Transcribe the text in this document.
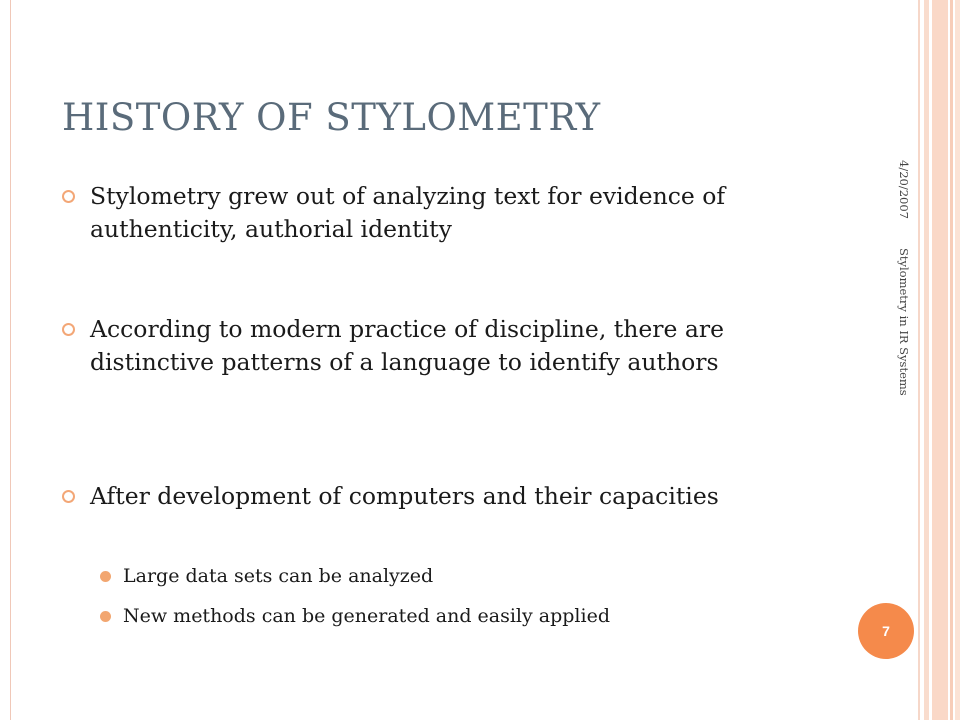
HISTORY OF STYLOMETRY
Stylometry grew out of analyzing text for evidence of authenticity, authorial identity
According to modern practice of discipline, there are distinctive patterns of a language to identify authors
After development of computers and their capacities
Large data sets can be analyzed
New methods can be generated and easily applied
4/20/2007
Stylometry in IR Systems
7
